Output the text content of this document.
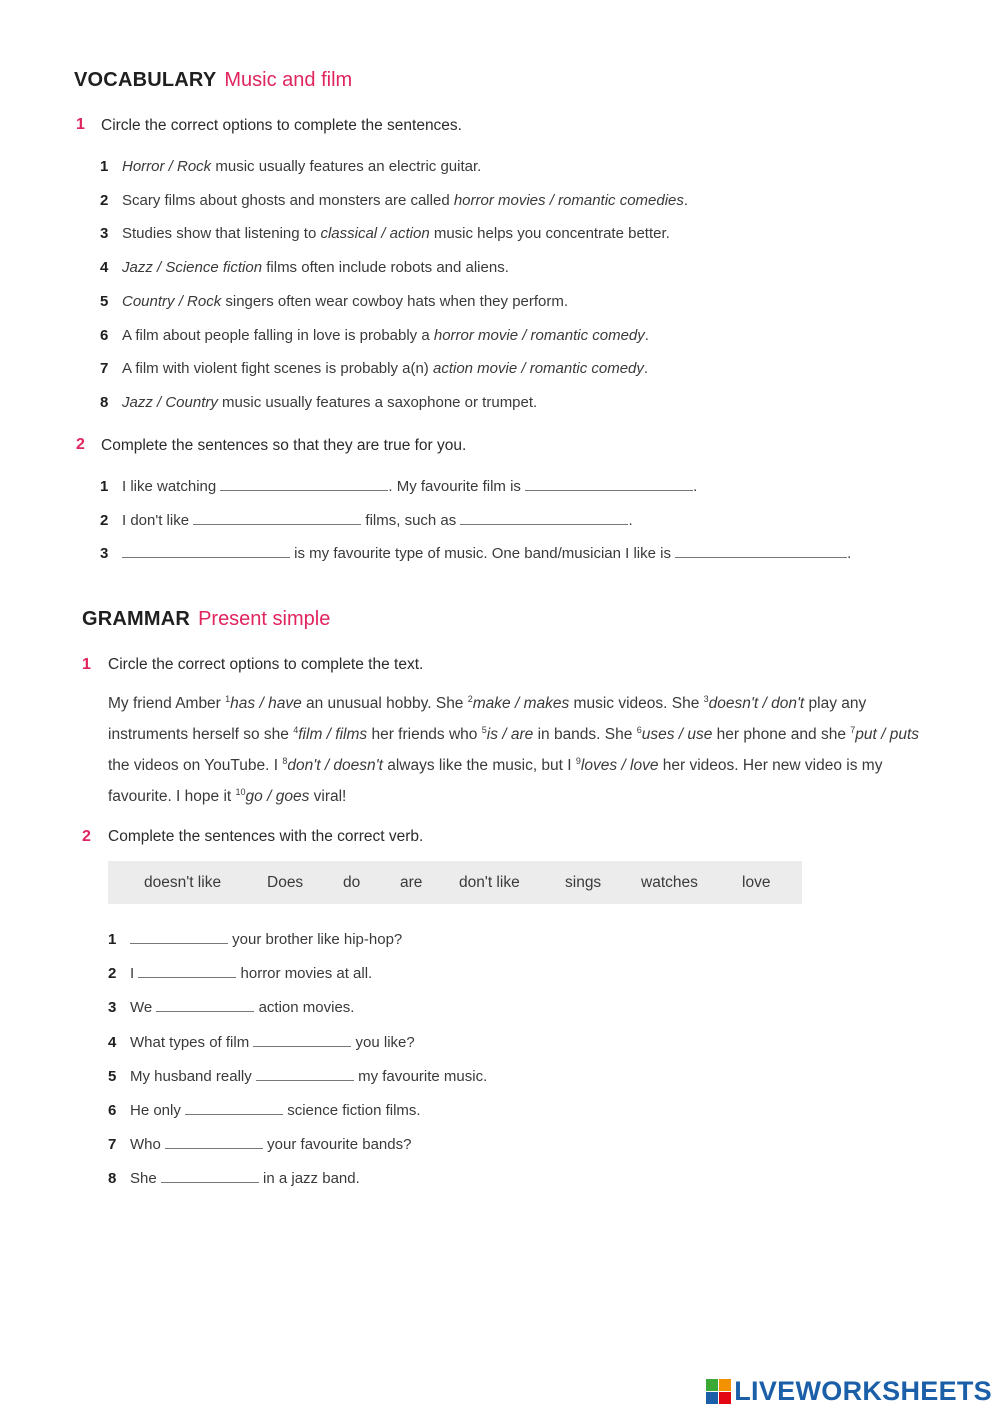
VOCABULARY Music and film
1 Circle the correct options to complete the sentences.
1 Horror / Rock music usually features an electric guitar.
2 Scary films about ghosts and monsters are called horror movies / romantic comedies.
3 Studies show that listening to classical / action music helps you concentrate better.
4 Jazz / Science fiction films often include robots and aliens.
5 Country / Rock singers often wear cowboy hats when they perform.
6 A film about people falling in love is probably a horror movie / romantic comedy.
7 A film with violent fight scenes is probably a(n) action movie / romantic comedy.
8 Jazz / Country music usually features a saxophone or trumpet.
2 Complete the sentences so that they are true for you.
1 I like watching	. My favourite film is	.
2 I don't like	films, such as	.
3	is my favourite type of music. One band/musician I like is	.
GRAMMAR Present simple
1 Circle the correct options to complete the text.
My friend Amber $^1$has / have an unusual hobby. She $^2$make / makes music videos. She $^3$doesn't / don't play any instruments herself so she $^4$film / films her friends who $^5$is / are in bands. She $^6$uses / use her phone and she $^7$put / puts the videos on YouTube. I $^8$don't / doesn't always like the music, but I $^9$loves / love her videos. Her new video is my favourite. I hope it $^{10}$go / goes viral!
2 Complete the sentences with the correct verb.
doesn't like	Does	do	are don't like	sings	watches	love
1	your brother like hip-hop?
2 I	horror movies at all.
3 We	action movies.
4 What types of film	you like?
5 My husband really	my favourite music.
6 He only	science fiction films.
7 Who	your favourite bands?
8 She	in a jazz band.
LIVEWORKSHEETS
